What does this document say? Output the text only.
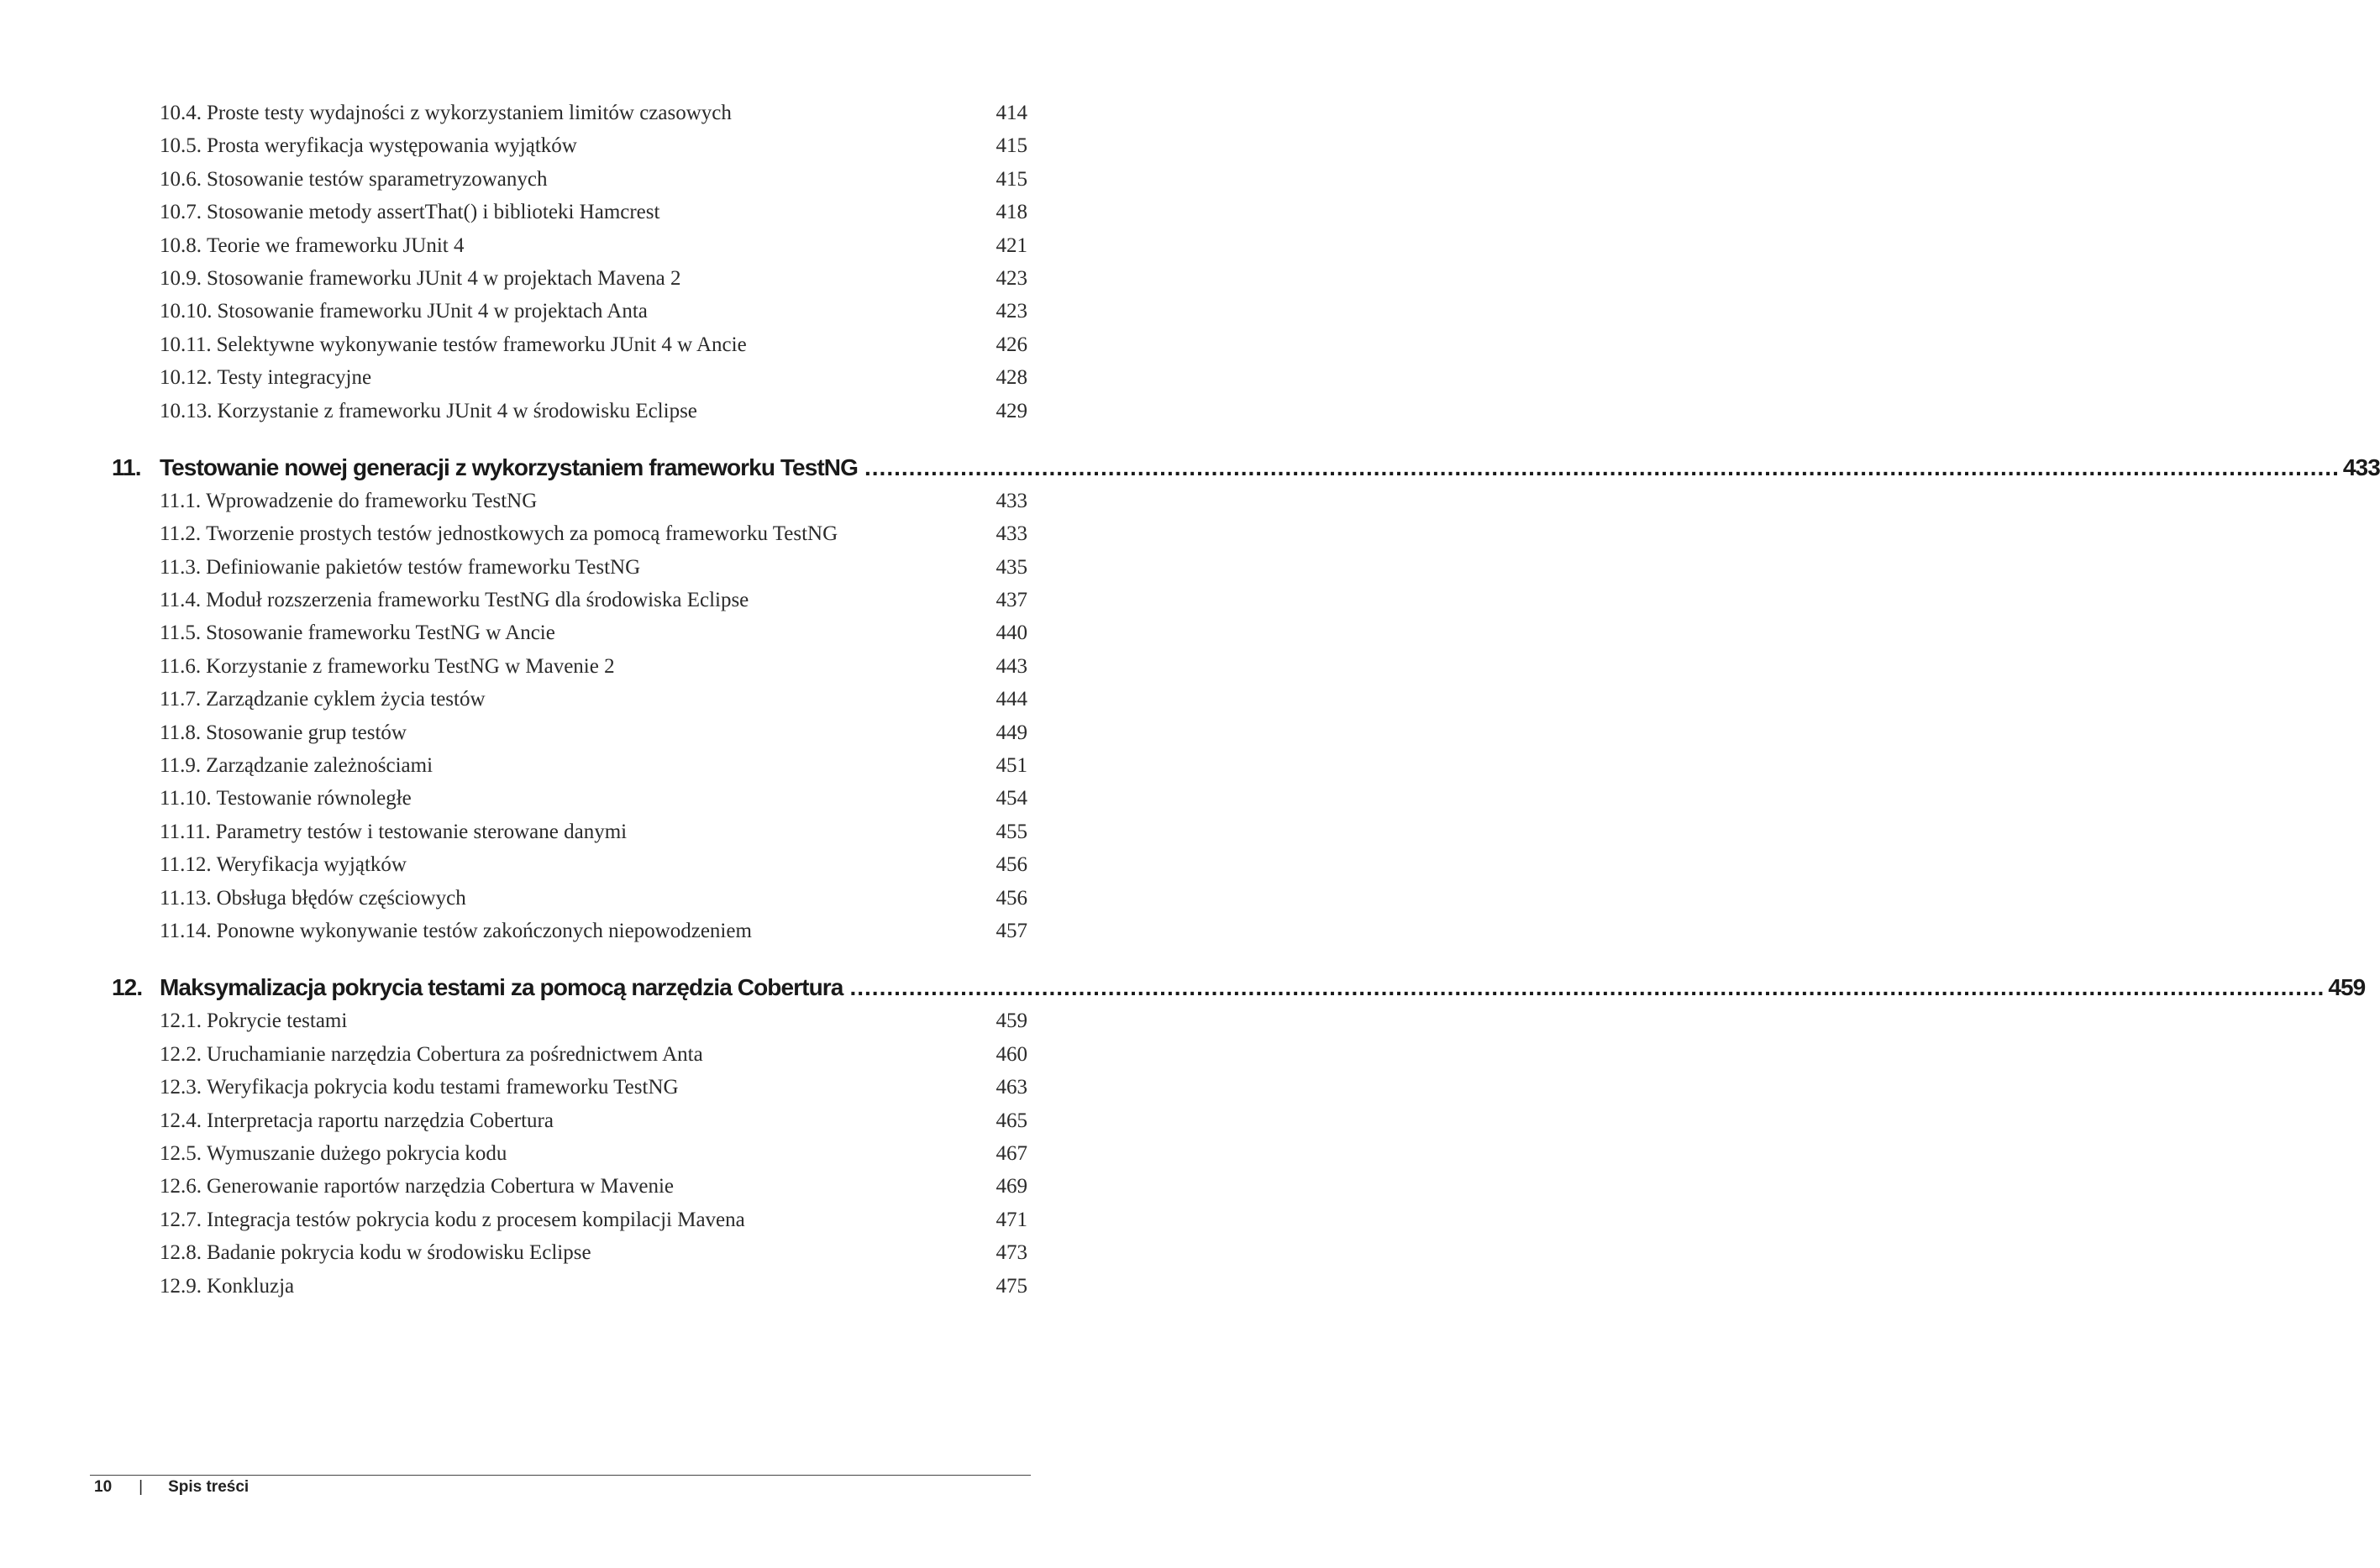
10.4. Proste testy wydajności z wykorzystaniem limitów czasowych	414
10.5. Prosta weryfikacja występowania wyjątków	415
10.6. Stosowanie testów sparametryzowanych	415
10.7. Stosowanie metody assertThat() i biblioteki Hamcrest	418
10.8. Teorie we frameworku JUnit 4	421
10.9. Stosowanie frameworku JUnit 4 w projektach Mavena 2	423
10.10. Stosowanie frameworku JUnit 4 w projektach Anta	423
10.11. Selektywne wykonywanie testów frameworku JUnit 4 w Ancie	426
10.12. Testy integracyjne	428
10.13. Korzystanie z frameworku JUnit 4 w środowisku Eclipse	429
11. Testowanie nowej generacji z wykorzystaniem frameworku TestNG ........................................................................................................................................................................................................ 433
11.1. Wprowadzenie do frameworku TestNG	433
11.2. Tworzenie prostych testów jednostkowych za pomocą frameworku TestNG	433
11.3. Definiowanie pakietów testów frameworku TestNG	435
11.4. Moduł rozszerzenia frameworku TestNG dla środowiska Eclipse	437
11.5. Stosowanie frameworku TestNG w Ancie	440
11.6. Korzystanie z frameworku TestNG w Mavenie 2	443
11.7. Zarządzanie cyklem życia testów	444
11.8. Stosowanie grup testów	449
11.9. Zarządzanie zależnościami	451
11.10. Testowanie równoległe	454
11.11. Parametry testów i testowanie sterowane danymi	455
11.12. Weryfikacja wyjątków	456
11.13. Obsługa błędów częściowych	456
11.14. Ponowne wykonywanie testów zakończonych niepowodzeniem	457
12. Maksymalizacja pokrycia testami za pomocą narzędzia Cobertura ........................................................................................................................................................................................................ 459
12.1. Pokrycie testami	459
12.2. Uruchamianie narzędzia Cobertura za pośrednictwem Anta	460
12.3. Weryfikacja pokrycia kodu testami frameworku TestNG	463
12.4. Interpretacja raportu narzędzia Cobertura	465
12.5. Wymuszanie dużego pokrycia kodu	467
12.6. Generowanie raportów narzędzia Cobertura w Mavenie	469
12.7. Integracja testów pokrycia kodu z procesem kompilacji Mavena	471
12.8. Badanie pokrycia kodu w środowisku Eclipse	473
12.9. Konkluzja	475
10 | Spis treści
